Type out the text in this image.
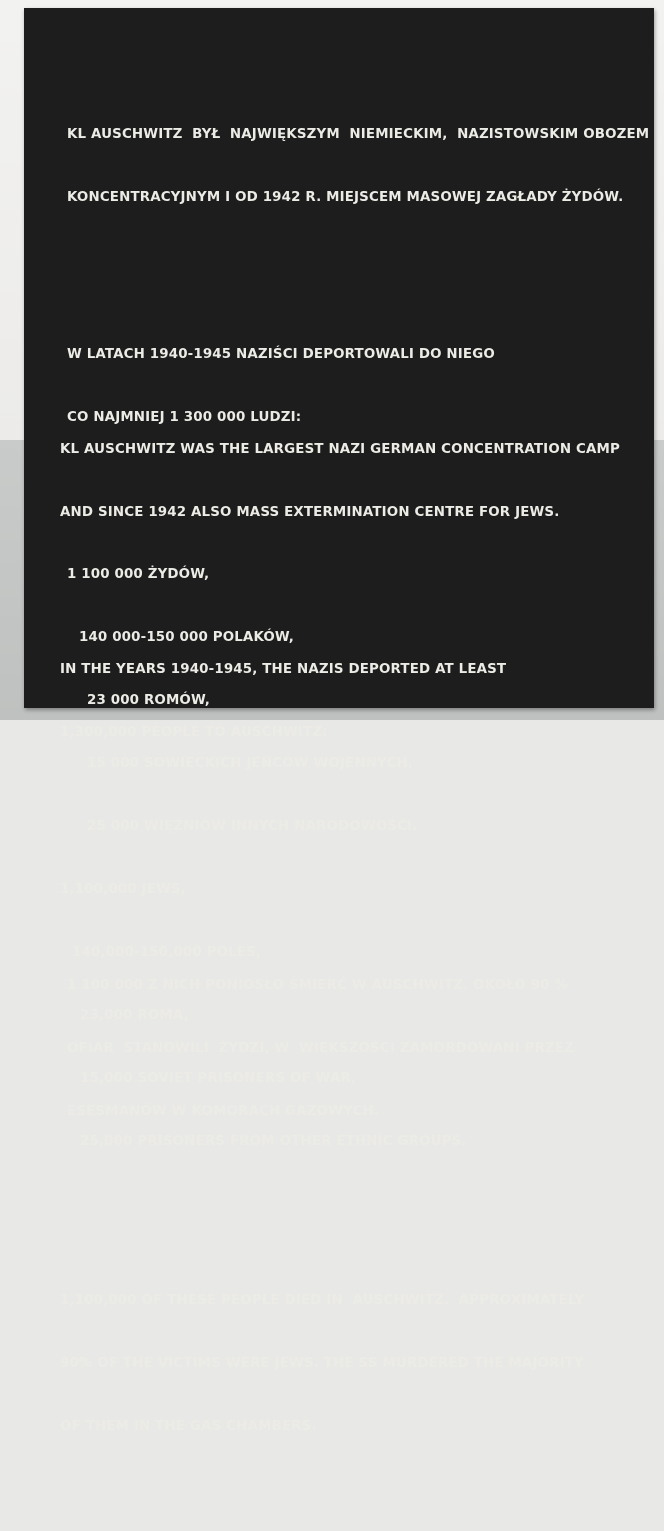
KL AUSCHWITZ  BYŁ  NAJWIĘKSZYM  NIEMIECKIM,  NAZISTOWSKIM OBOZEM

KONCENTRACYJNYM I OD 1942 R. MIEJSCEM MASOWEJ ZAGŁADY ŻYDÓW.

W LATACH 1940-1945 NAZIŚCI DEPORTOWALI DO NIEGO

CO NAJMNIEJ 1 300 000 LUDZI:

1 100 000 ŻYDÓW,

140 000-150 000 POLAKÓW,

23 000 ROMÓW,

15 000 SOWIECKICH JEŃCÓW WOJENNYCH,

25 000 WIĘŹNIÓW INNYCH NARODOWOŚCI.

1 100 000 Z NICH PONIOSŁO ŚMIERĆ W AUSCHWITZ. OKOŁO 90 %

OFIAR  STANOWILI  ŻYDZI, W  WIĘKSZOŚCI ZAMORDOWANI PRZEZ

ESESMANÓW W KOMORACH GAZOWYCH.

KL AUSCHWITZ WAS THE LARGEST NAZI GERMAN CONCENTRATION CAMP

AND SINCE 1942 ALSO MASS EXTERMINATION CENTRE FOR JEWS.

IN THE YEARS 1940-1945, THE NAZIS DEPORTED AT LEAST

1,300,000 PEOPLE TO AUSCHWITZ:

1,100,000 JEWS,

140,000-150,000 POLES,

23,000 ROMA,

15,000 SOVIET PRISONERS OF WAR,

25,000 PRISONERS FROM OTHER ETHNIC GROUPS.

1,100,000 OF THESE PEOPLE DIED IN  AUSCHWITZ.  APPROXIMATELY

90% OF THE VICTIMS WERE JEWS. THE SS MURDERED THE MAJORITY

OF THEM IN THE GAS CHAMBERS.
